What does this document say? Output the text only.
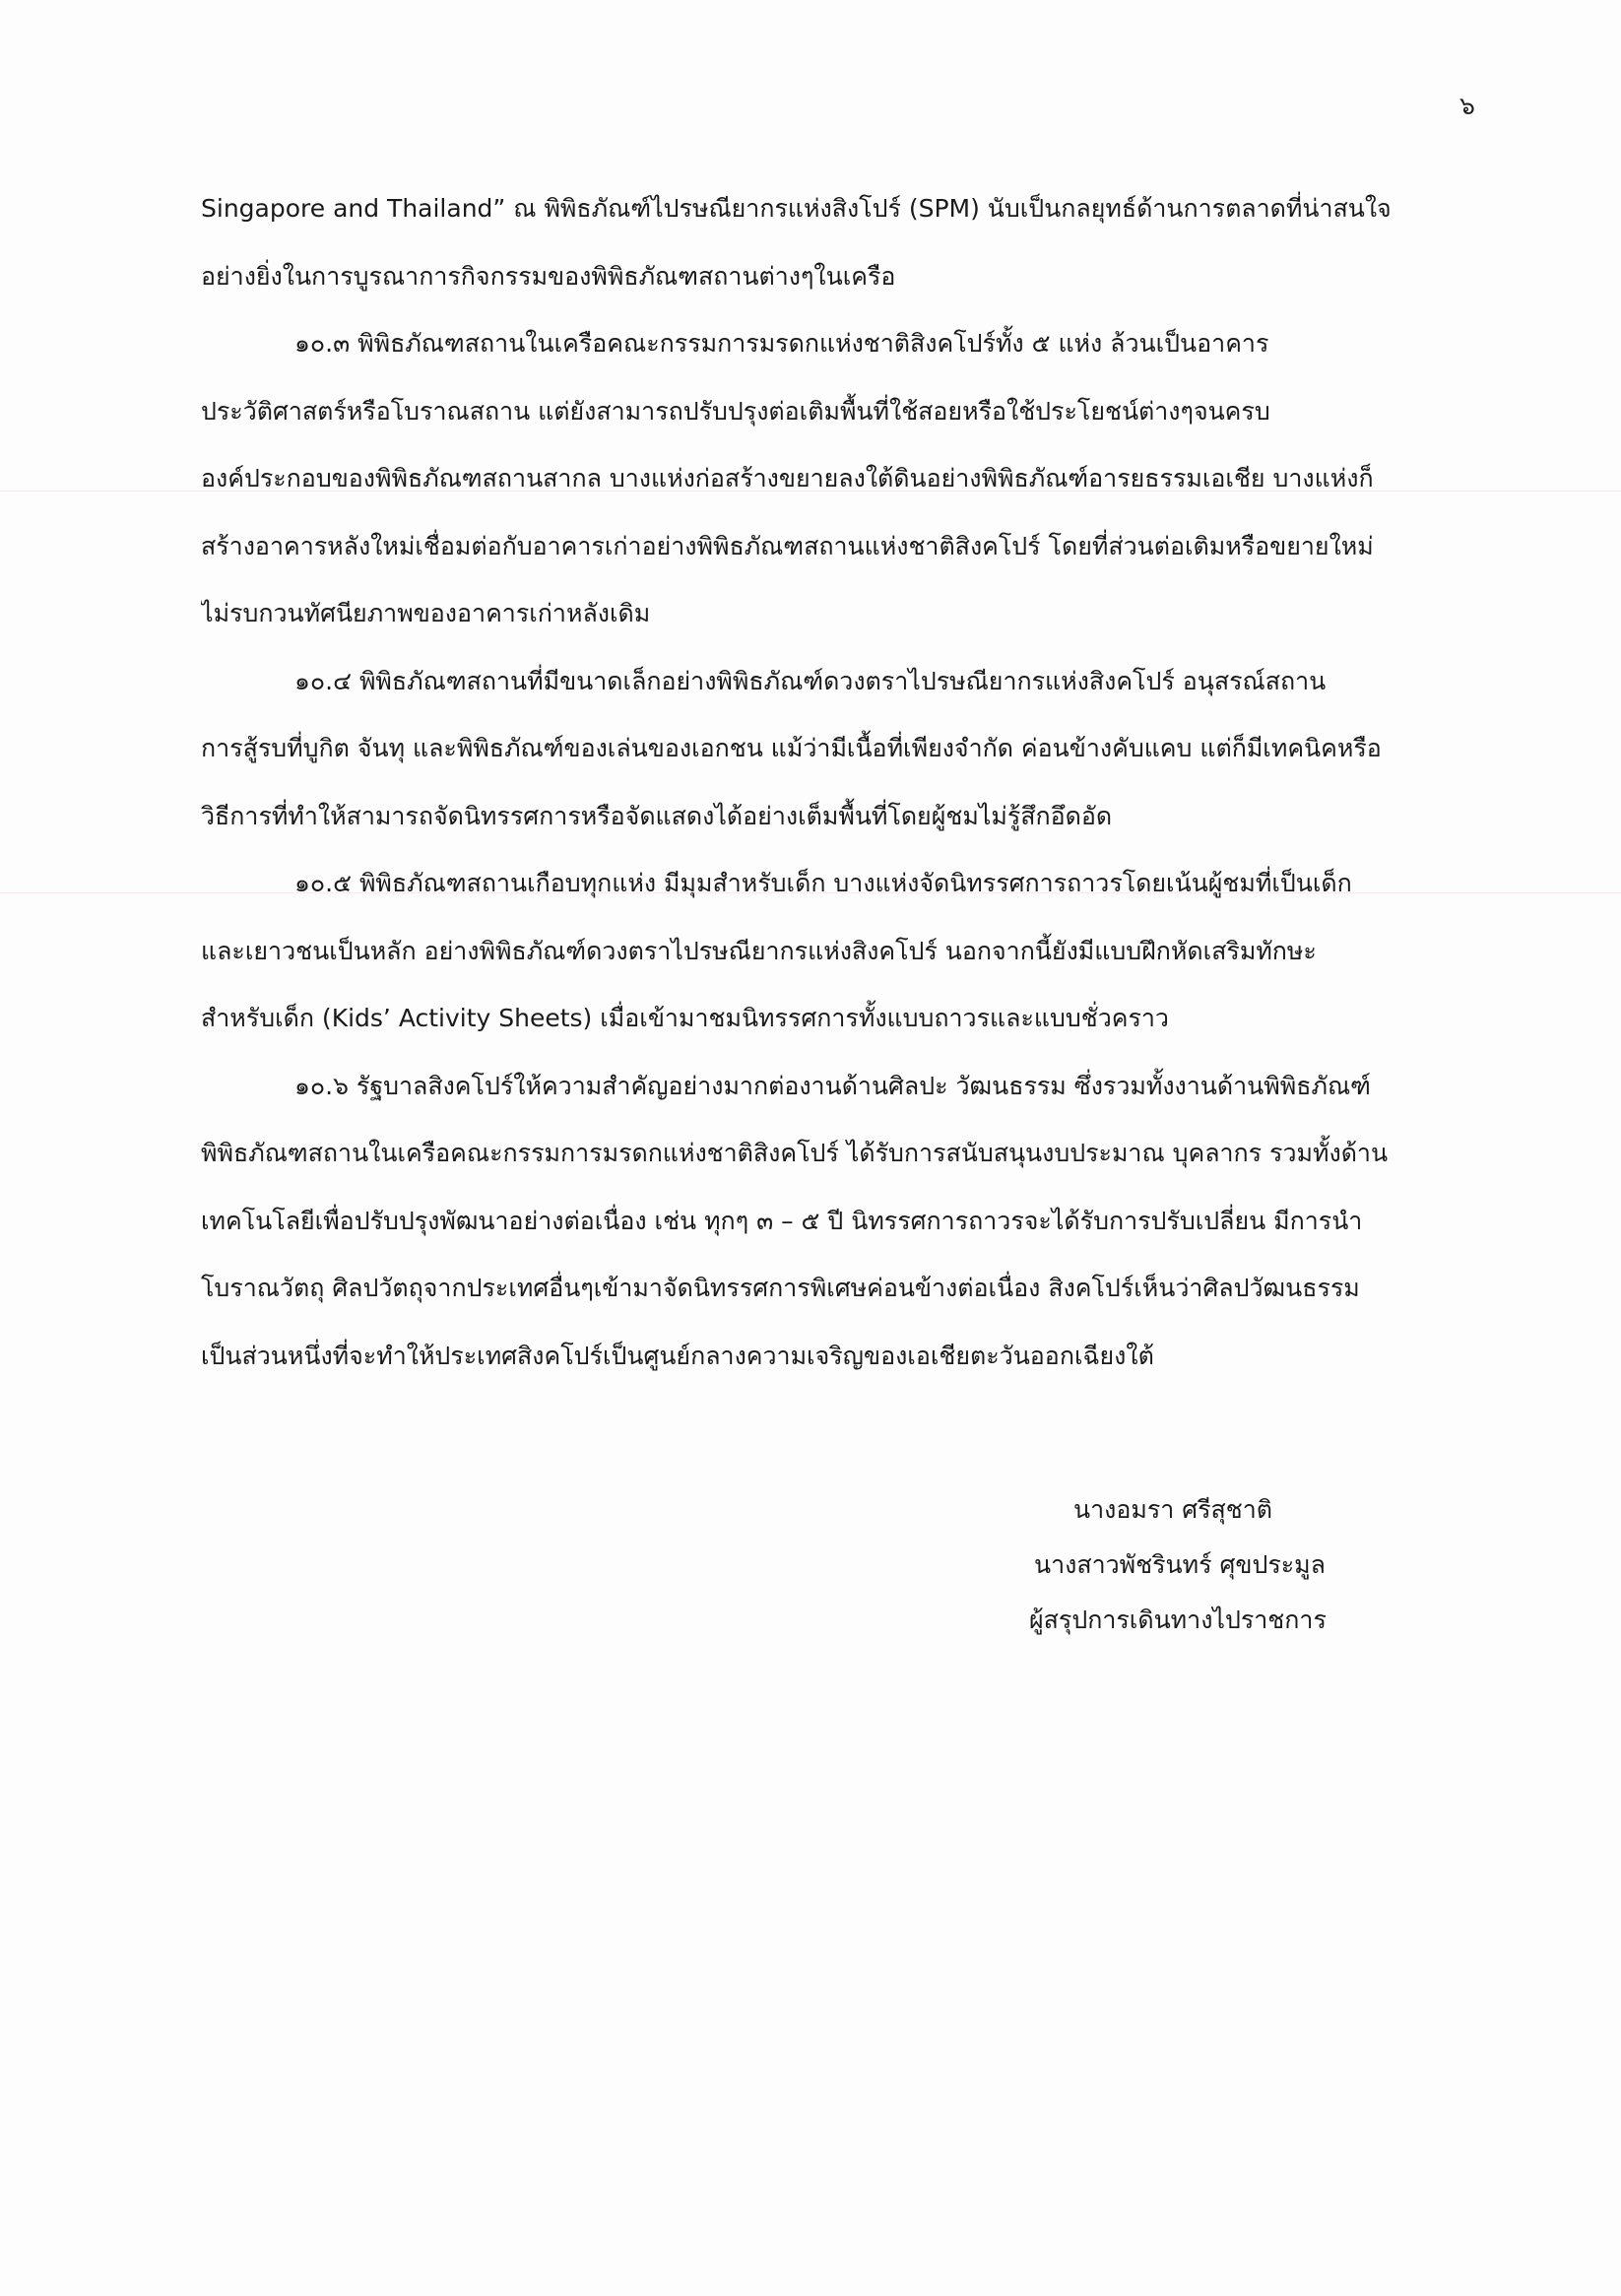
๖
Singapore and Thailand” ณ พิพิธภัณฑ์ไปรษณียากรแห่งสิงโปร์ (SPM) นับเป็นกลยุทธ์ด้านการตลาดที่น่าสนใจ
อย่างยิ่งในการบูรณาการกิจกรรมของพิพิธภัณฑสถานต่างๆในเครือ
๑๐.๓ พิพิธภัณฑสถานในเครือคณะกรรมการมรดกแห่งชาติสิงคโปร์ทั้ง ๕ แห่ง ล้วนเป็นอาคาร
ประวัติศาสตร์หรือโบราณสถาน แต่ยังสามารถปรับปรุงต่อเติมพื้นที่ใช้สอยหรือใช้ประโยชน์ต่างๆจนครบ
องค์ประกอบของพิพิธภัณฑสถานสากล บางแห่งก่อสร้างขยายลงใต้ดินอย่างพิพิธภัณฑ์อารยธรรมเอเชีย บางแห่งก็
สร้างอาคารหลังใหม่เชื่อมต่อกับอาคารเก่าอย่างพิพิธภัณฑสถานแห่งชาติสิงคโปร์ โดยที่ส่วนต่อเติมหรือขยายใหม่
ไม่รบกวนทัศนียภาพของอาคารเก่าหลังเดิม
๑๐.๔ พิพิธภัณฑสถานที่มีขนาดเล็กอย่างพิพิธภัณฑ์ดวงตราไปรษณียากรแห่งสิงคโปร์ อนุสรณ์สถาน
การสู้รบที่บูกิต จันทุ และพิพิธภัณฑ์ของเล่นของเอกชน แม้ว่ามีเนื้อที่เพียงจำกัด ค่อนข้างคับแคบ แต่ก็มีเทคนิคหรือ
วิธีการที่ทำให้สามารถจัดนิทรรศการหรือจัดแสดงได้อย่างเต็มพื้นที่โดยผู้ชมไม่รู้สึกอึดอัด
๑๐.๕ พิพิธภัณฑสถานเกือบทุกแห่ง มีมุมสำหรับเด็ก บางแห่งจัดนิทรรศการถาวรโดยเน้นผู้ชมที่เป็นเด็ก
และเยาวชนเป็นหลัก อย่างพิพิธภัณฑ์ดวงตราไปรษณียากรแห่งสิงคโปร์ นอกจากนี้ยังมีแบบฝึกหัดเสริมทักษะ
สำหรับเด็ก (Kids’ Activity Sheets) เมื่อเข้ามาชมนิทรรศการทั้งแบบถาวรและแบบชั่วคราว
๑๐.๖ รัฐบาลสิงคโปร์ให้ความสำคัญอย่างมากต่องานด้านศิลปะ วัฒนธรรม ซึ่งรวมทั้งงานด้านพิพิธภัณฑ์
พิพิธภัณฑสถานในเครือคณะกรรมการมรดกแห่งชาติสิงคโปร์ ได้รับการสนับสนุนงบประมาณ บุคลากร รวมทั้งด้าน
เทคโนโลยีเพื่อปรับปรุงพัฒนาอย่างต่อเนื่อง เช่น ทุกๆ ๓ – ๕ ปี นิทรรศการถาวรจะได้รับการปรับเปลี่ยน มีการนำ
โบราณวัตถุ ศิลปวัตถุจากประเทศอื่นๆเข้ามาจัดนิทรรศการพิเศษค่อนข้างต่อเนื่อง สิงคโปร์เห็นว่าศิลปวัฒนธรรม
เป็นส่วนหนึ่งที่จะทำให้ประเทศสิงคโปร์เป็นศูนย์กลางความเจริญของเอเชียตะวันออกเฉียงใต้
นางอมรา ศรีสุชาติ
นางสาวพัชรินทร์ ศุขประมูล
ผู้สรุปการเดินทางไปราชการ
